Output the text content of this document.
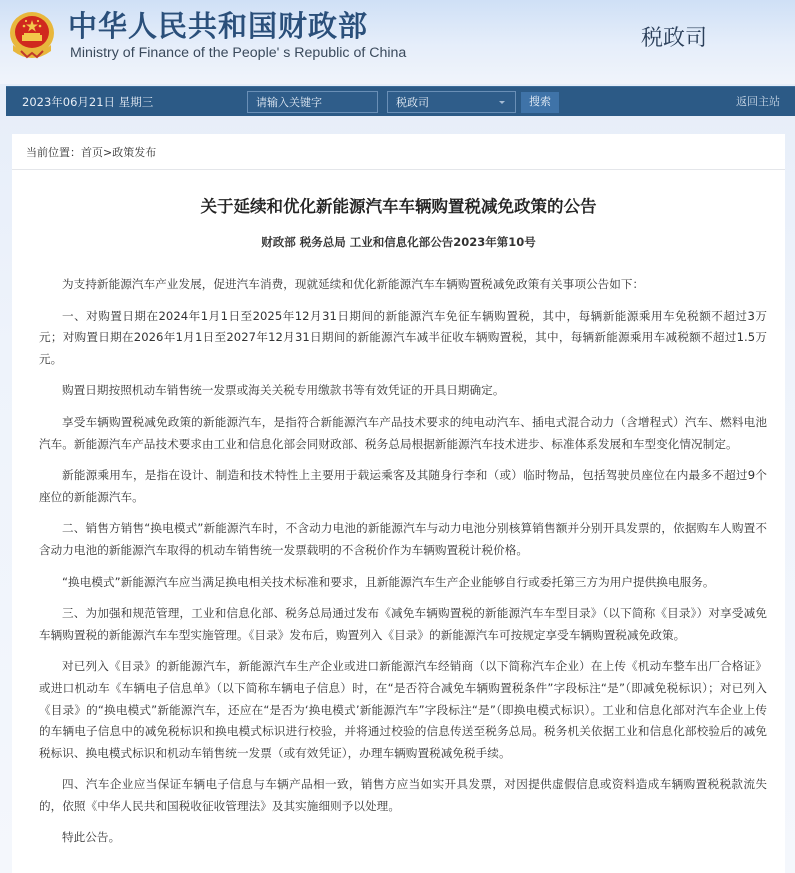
中华人民共和国财政部
Ministry of Finance of the People' s Republic of China
税政司
2023年06月21日 星期三
请输入关键字	税政司	搜索	返回主站
当前位置：首页>政策发布
关于延续和优化新能源汽车车辆购置税减免政策的公告
财政部 税务总局 工业和信息化部公告2023年第10号

为支持新能源汽车产业发展，促进汽车消费，现就延续和优化新能源汽车车辆购置税减免政策有关事项公告如下：

一、对购置日期在2024年1月1日至2025年12月31日期间的新能源汽车免征车辆购置税，其中，每辆新能源乘用车免税额不超过3万元；对购置日期在2026年1月1日至2027年12月31日期间的新能源汽车减半征收车辆购置税，其中，每辆新能源乘用车减税额不超过1.5万元。

购置日期按照机动车销售统一发票或海关关税专用缴款书等有效凭证的开具日期确定。

享受车辆购置税减免政策的新能源汽车，是指符合新能源汽车产品技术要求的纯电动汽车、插电式混合动力（含增程式）汽车、燃料电池汽车。新能源汽车产品技术要求由工业和信息化部会同财政部、税务总局根据新能源汽车技术进步、标准体系发展和车型变化情况制定。

新能源乘用车，是指在设计、制造和技术特性上主要用于载运乘客及其随身行李和（或）临时物品，包括驾驶员座位在内最多不超过9个座位的新能源汽车。

二、销售方销售“换电模式”新能源汽车时，不含动力电池的新能源汽车与动力电池分别核算销售额并分别开具发票的，依据购车人购置不含动力电池的新能源汽车取得的机动车销售统一发票载明的不含税价作为车辆购置税计税价格。

“换电模式”新能源汽车应当满足换电相关技术标准和要求，且新能源汽车生产企业能够自行或委托第三方为用户提供换电服务。

三、为加强和规范管理，工业和信息化部、税务总局通过发布《减免车辆购置税的新能源汽车车型目录》（以下简称《目录》）对享受减免车辆购置税的新能源汽车车型实施管理。《目录》发布后，购置列入《目录》的新能源汽车可按规定享受车辆购置税减免政策。

对已列入《目录》的新能源汽车，新能源汽车生产企业或进口新能源汽车经销商（以下简称汽车企业）在上传《机动车整车出厂合格证》或进口机动车《车辆电子信息单》（以下简称车辆电子信息）时，在“是否符合减免车辆购置税条件”字段标注“是”（即减免税标识）；对已列入《目录》的“换电模式”新能源汽车，还应在“是否为‘换电模式’新能源汽车”字段标注“是”（即换电模式标识）。工业和信息化部对汽车企业上传的车辆电子信息中的减免税标识和换电模式标识进行校验，并将通过校验的信息传送至税务总局。税务机关依据工业和信息化部校验后的减免税标识、换电模式标识和机动车销售统一发票（或有效凭证），办理车辆购置税减免税手续。

四、汽车企业应当保证车辆电子信息与车辆产品相一致，销售方应当如实开具发票，对因提供虚假信息或资料造成车辆购置税税款流失的，依照《中华人民共和国税收征收管理法》及其实施细则予以处理。

特此公告。
